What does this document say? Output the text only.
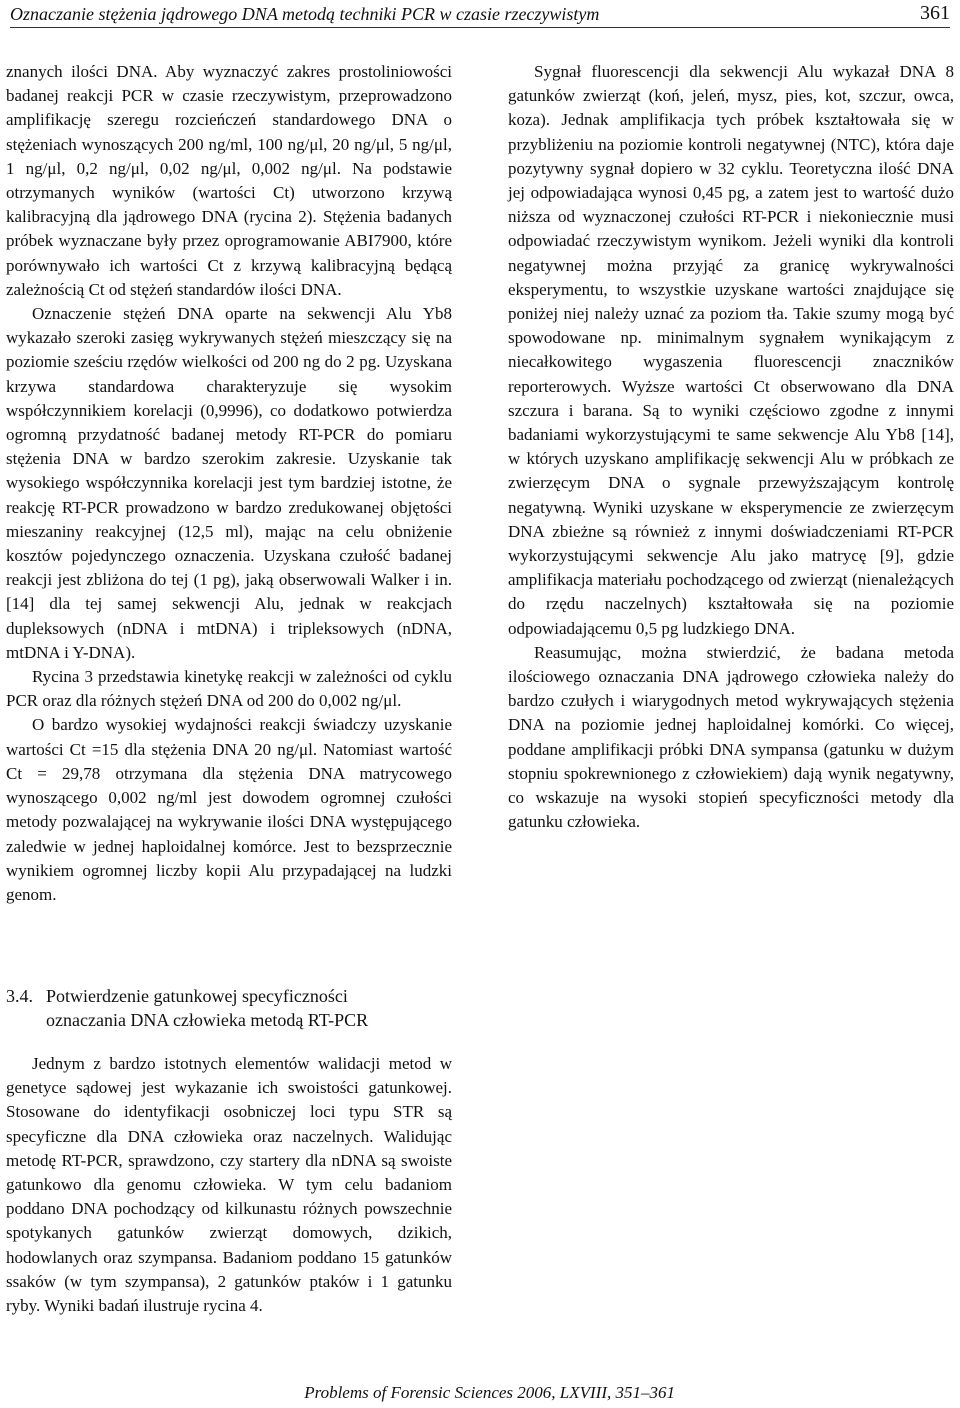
Oznaczanie stężenia jądrowego DNA metodą techniki PCR w czasie rzeczywistym	361

znanych ilości DNA. Aby wyznaczyć zakres prostoliniowości badanej reakcji PCR w czasie rzeczywistym, przeprowadzono amplifikację szeregu rozcieńczeń standardowego DNA o stężeniach wynoszących 200 ng/ml, 100 ng/μl, 20 ng/μl, 5 ng/μl, 1 ng/μl, 0,2 ng/μl, 0,02 ng/μl, 0,002 ng/μl. Na podstawie otrzymanych wyników (wartości Ct) utworzono krzywą kalibracyjną dla jądrowego DNA (rycina 2). Stężenia badanych próbek wyznaczane były przez oprogramowanie ABI7900, które porównywało ich wartości Ct z krzywą kalibracyjną będącą zależnością Ct od stężeń standardów ilości DNA.

Oznaczenie stężeń DNA oparte na sekwencji Alu Yb8 wykazało szeroki zasięg wykrywanych stężeń mieszczący się na poziomie sześciu rzędów wielkości od 200 ng do 2 pg. Uzyskana krzywa standardowa charakteryzuje się wysokim współczynnikiem korelacji (0,9996), co dodatkowo potwierdza ogromną przydatność badanej metody RT-PCR do pomiaru stężenia DNA w bardzo szerokim zakresie. Uzyskanie tak wysokiego współczynnika korelacji jest tym bardziej istotne, że reakcję RT-PCR prowadzono w bardzo zredukowanej objętości mieszaniny reakcyjnej (12,5 ml), mając na celu obniżenie kosztów pojedynczego oznaczenia. Uzyskana czułość badanej reakcji jest zbliżona do tej (1 pg), jaką obserwowali Walker i in. [14] dla tej samej sekwencji Alu, jednak w reakcjach dupleksowych (nDNA i mtDNA) i tripleksowych (nDNA, mtDNA i Y-DNA).

Rycina 3 przedstawia kinetykę reakcji w zależności od cyklu PCR oraz dla różnych stężeń DNA od 200 do 0,002 ng/μl.

O bardzo wysokiej wydajności reakcji świadczy uzyskanie wartości Ct =15 dla stężenia DNA 20 ng/μl. Natomiast wartość Ct = 29,78 otrzymana dla stężenia DNA matrycowego wynoszącego 0,002 ng/ml jest dowodem ogromnej czułości metody pozwalającej na wykrywanie ilości DNA występującego zaledwie w jednej haploidalnej komórce. Jest to bezsprzecznie wynikiem ogromnej liczby kopii Alu przypadającej na ludzki genom.

Sygnał fluorescencji dla sekwencji Alu wykazał DNA 8 gatunków zwierząt (koń, jeleń, mysz, pies, kot, szczur, owca, koza). Jednak amplifikacja tych próbek kształtowała się w przybliżeniu na poziomie kontroli negatywnej (NTC), która daje pozytywny sygnał dopiero w 32 cyklu. Teoretyczna ilość DNA jej odpowiadająca wynosi 0,45 pg, a zatem jest to wartość dużo niższa od wyznaczonej czułości RT-PCR i niekoniecznie musi odpowiadać rzeczywistym wynikom. Jeżeli wyniki dla kontroli negatywnej można przyjąć za granicę wykrywalności eksperymentu, to wszystkie uzyskane wartości znajdujące się poniżej niej należy uznać za poziom tła. Takie szumy mogą być spowodowane np. minimalnym sygnałem wynikającym z niecałkowitego wygaszenia fluorescencji znaczników reporterowych. Wyższe wartości Ct obserwowano dla DNA szczura i barana. Są to wyniki częściowo zgodne z innymi badaniami wykorzystującymi te same sekwencje Alu Yb8 [14], w których uzyskano amplifikację sekwencji Alu w próbkach ze zwierzęcym DNA o sygnale przewyższającym kontrolę negatywną. Wyniki uzyskane w eksperymencie ze zwierzęcym DNA zbieżne są również z innymi doświadczeniami RT-PCR wykorzystującymi sekwencje Alu jako matrycę [9], gdzie amplifikacja materiału pochodzącego od zwierząt (nienależących do rzędu naczelnych) kształtowała się na poziomie odpowiadającemu 0,5 pg ludzkiego DNA.

Reasumując, można stwierdzić, że badana metoda ilościowego oznaczania DNA jądrowego człowieka należy do bardzo czułych i wiarygodnych metod wykrywających stężenia DNA na poziomie jednej haploidalnej komórki. Co więcej, poddane amplifikacji próbki DNA sympansa (gatunku w dużym stopniu spokrewnionego z człowiekiem) dają wynik negatywny, co wskazuje na wysoki stopień specyficzności metody dla gatunku człowieka.

3.4. Potwierdzenie gatunkowej specyficzności
oznaczania DNA człowieka metodą RT-PCR

Jednym z bardzo istotnych elementów walidacji metod w genetyce sądowej jest wykazanie ich swoistości gatunkowej. Stosowane do identyfikacji osobniczej loci typu STR są specyficzne dla DNA człowieka oraz naczelnych. Walidując metodę RT-PCR, sprawdzono, czy startery dla nDNA są swoiste gatunkowo dla genomu człowieka. W tym celu badaniom poddano DNA pochodzący od kilkunastu różnych powszechnie spotykanych gatunków zwierząt domowych, dzikich, hodowlanych oraz szympansa. Badaniom poddano 15 gatunków ssaków (w tym szympansa), 2 gatunków ptaków i 1 gatunku ryby. Wyniki badań ilustruje rycina 4.

Problems of Forensic Sciences 2006, LXVIII, 351–361
